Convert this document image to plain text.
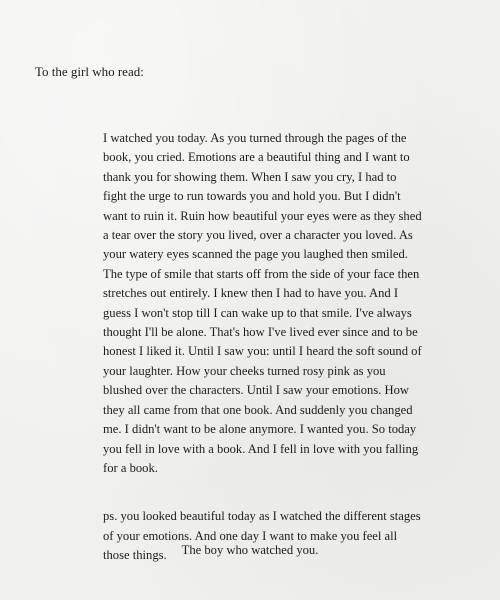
To the girl who read:

I watched you today. As you turned through the pages of the book, you cried. Emotions are a beautiful thing and I want to thank you for showing them. When I saw you cry, I had to fight the urge to run towards you and hold you. But I didn't want to ruin it. Ruin how beautiful your eyes were as they shed a tear over the story you lived, over a character you loved. As your watery eyes scanned the page you laughed then smiled. The type of smile that starts off from the side of your face then stretches out entirely. I knew then I had to have you. And I guess I won't stop till I can wake up to that smile. I've always thought I'll be alone. That's how I've lived ever since and to be honest I liked it. Until I saw you: until I heard the soft sound of your laughter. How your cheeks turned rosy pink as you blushed over the characters. Until I saw your emotions. How they all came from that one book. And suddenly you changed me. I didn't want to be alone anymore. I wanted you. So today you fell in love with a book. And I fell in love with you falling for a book.

ps. you looked beautiful today as I watched the different stages of your emotions. And one day I want to make you feel all those things.	The boy who watched you.
